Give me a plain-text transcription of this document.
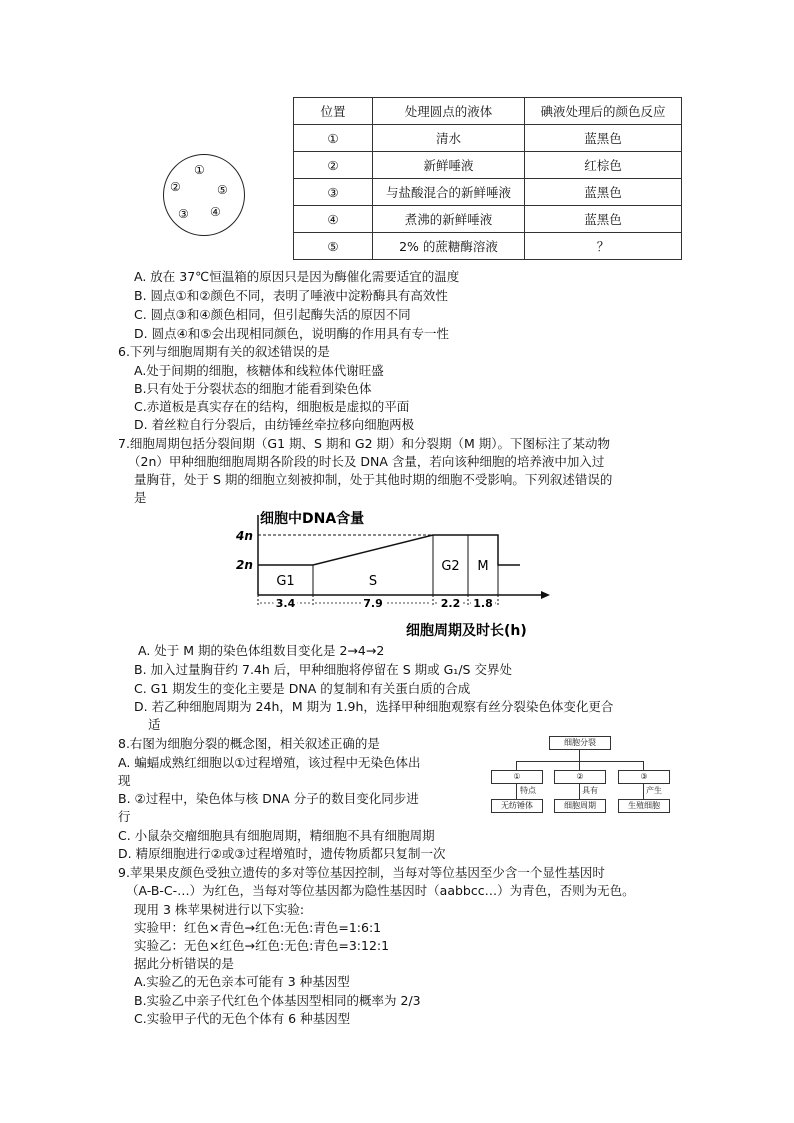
位置	处理圆点的液体	碘液处理后的颜色反应
①	清水	蓝黑色
②	新鲜唾液	红棕色
③	与盐酸混合的新鲜唾液	蓝黑色
④	煮沸的新鲜唾液	蓝黑色
⑤	2% 的蔗糖酶溶液	？
①
②	⑤
③ ④
A. 放在 37℃恒温箱的原因只是因为酶催化需要适宜的温度
B. 圆点①和②颜色不同，表明了唾液中淀粉酶具有高效性
C. 圆点③和④颜色相同，但引起酶失活的原因不同
D. 圆点④和⑤会出现相同颜色，说明酶的作用具有专一性
6.下列与细胞周期有关的叙述错误的是
A.处于间期的细胞，核糖体和线粒体代谢旺盛
B.只有处于分裂状态的细胞才能看到染色体
C.赤道板是真实存在的结构，细胞板是虚拟的平面
D. 着丝粒自行分裂后，由纺锤丝牵拉移向细胞两极
7.细胞周期包括分裂间期（G1 期、S 期和 G2 期）和分裂期（M 期）。下图标注了某动物
（2n）甲种细胞细胞周期各阶段的时长及 DNA 含量，若向该种细胞的培养液中加入过
量胸苷，处于 S 期的细胞立刻被抑制，处于其他时期的细胞不受影响。下列叙述错误的
是
细胞中DNA含量
4n
2n
G1	S
G2 M
3.4	7.9	2.2 1.8
细胞周期及时长(h)
A. 处于 M 期的染色体组数目变化是 2→4→2
B. 加入过量胸苷约 7.4h 后，甲种细胞将停留在 S 期或 G₁/S 交界处
C. G1 期发生的变化主要是 DNA 的复制和有关蛋白质的合成
D. 若乙种细胞周期为 24h，M 期为 1.9h，选择甲种细胞观察有丝分裂染色体变化更合
适
8.右图为细胞分裂的概念图，相关叙述正确的是
A. 蝙蝠成熟红细胞以①过程增殖，该过程中无染色体出
现
B. ②过程中，染色体与核 DNA 分子的数目变化同步进
行
C. 小鼠杂交瘤细胞具有细胞周期，精细胞不具有细胞周期
D. 精原细胞进行②或③过程增殖时，遗传物质都只复制一次
细胞分裂
①	②	③
特点	具有	产生
无纺锤体	细胞周期	生殖细胞
9.苹果果皮颜色受独立遗传的多对等位基因控制，当每对等位基因至少含一个显性基因时
（A-B-C-…）为红色，当每对等位基因都为隐性基因时（aabbcc…）为青色，否则为无色。
现用 3 株苹果树进行以下实验:
实验甲：红色×青色→红色:无色:青色=1:6:1
实验乙：无色×红色→红色:无色:青色=3:12:1
据此分析错误的是
A.实验乙的无色亲本可能有 3 种基因型
B.实验乙中亲子代红色个体基因型相同的概率为 2/3
C.实验甲子代的无色个体有 6 种基因型
